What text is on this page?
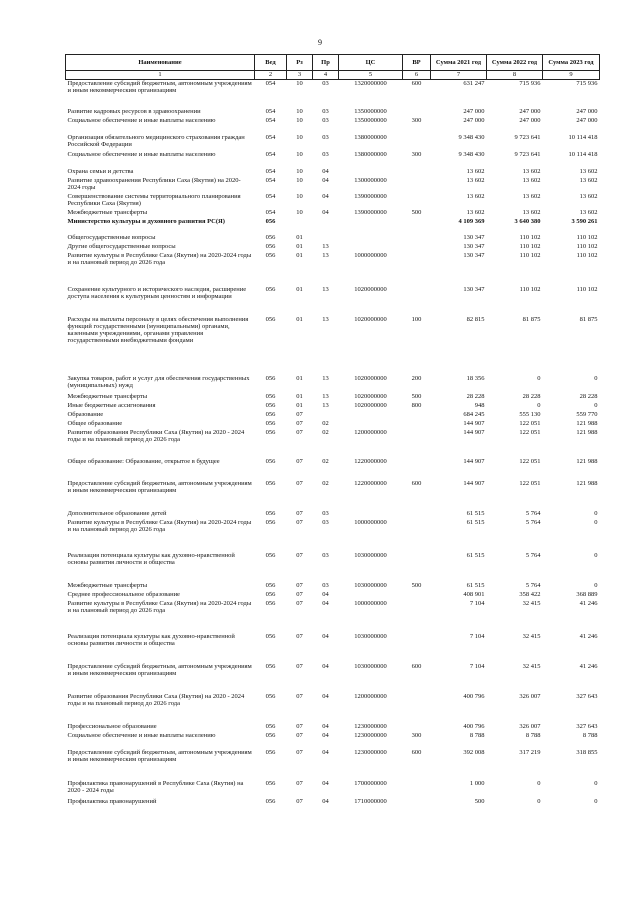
9
Наименование	Вед	Рз	Пр	ЦС	ВР	Сумма 2021 год	Сумма 2022 год	Сумма 2023 год
1	2	3	4	5	6	7	8	9
Предоставление субсидий бюджетным, автономным учреждениям и иным некоммерческим организациям	054	10	03	1320000000	600	631 247	715 936	715 936
Развитие кадровых ресурсов в здравоохранении	054	10	03	1350000000		247 000	247 000	247 000
Социальное обеспечение и иные выплаты населению	054	10	03	1350000000	300	247 000	247 000	247 000
Организация обязательного медицинского страхования граждан Российской Федерации	054	10	03	1380000000		9 348 430	9 723 641	10 114 418
Социальное обеспечение и иные выплаты населению	054	10	03	1380000000	300	9 348 430	9 723 641	10 114 418
Охрана семьи и детства	054	10	04			13 602	13 602	13 602
Развитие здравоохранения Республики Саха (Якутия) на 2020-2024 годы	054	10	04	1300000000		13 602	13 602	13 602
Совершенствование системы территориального планирования Республики Саха (Якутия)	054	10	04	1390000000		13 602	13 602	13 602
Межбюджетные трансферты	054	10	04	1390000000	500	13 602	13 602	13 602
Министерство культуры и духовного развития РС(Я)	056					4 109 369	3 640 380	3 590 261
Общегосударственные вопросы	056	01				130 347	110 102	110 102
Другие общегосударственные вопросы	056	01	13			130 347	110 102	110 102
Развитие культуры в Республике Саха (Якутия) на 2020-2024 годы и на плановый период до 2026 года	056	01	13	1000000000		130 347	110 102	110 102
Сохранение культурного и исторического наследия, расширение доступа населения к культурным ценностям и информации	056	01	13	1020000000		130 347	110 102	110 102
Расходы на выплаты персоналу в целях обеспечения выполнения функций государственными (муниципальными) органами, казенными учреждениями, органами управления государственными внебюджетными фондами	056	01	13	1020000000	100	82 815	81 875	81 875
Закупка товаров, работ и услуг для обеспечения государственных (муниципальных) нужд	056	01	13	1020000000	200	18 356	0	0
Межбюджетные трансферты	056	01	13	1020000000	500	28 228	28 228	28 228
Иные бюджетные ассигнования	056	01	13	1020000000	800	948	0	0
Образование	056	07				684 245	555 130	559 770
Общее образование	056	07	02			144 907	122 051	121 988
Развитие образования Республики Саха (Якутия) на 2020 - 2024 годы и на плановый период до 2026 года	056	07	02	1200000000		144 907	122 051	121 988
Общее образование: Образование, открытое в будущее	056	07	02	1220000000		144 907	122 051	121 988
Предоставление субсидий бюджетным, автономным учреждениям и иным некоммерческим организациям	056	07	02	1220000000	600	144 907	122 051	121 988
Дополнительное образование детей	056	07	03			61 515	5 764	0
Развитие культуры в Республике Саха (Якутия) на 2020-2024 годы и на плановый период до 2026 года	056	07	03	1000000000		61 515	5 764	0
Реализация потенциала культуры как духовно-нравственной основы развития личности и общества	056	07	03	1030000000		61 515	5 764	0
Межбюджетные трансферты	056	07	03	1030000000	500	61 515	5 764	0
Среднее профессиональное образование	056	07	04			408 901	358 422	368 889
Развитие культуры в Республике Саха (Якутия) на 2020-2024 годы и на плановый период до 2026 года	056	07	04	1000000000		7 104	32 415	41 246
Реализация потенциала культуры как духовно-нравственной основы развития личности и общества	056	07	04	1030000000		7 104	32 415	41 246
Предоставление субсидий бюджетным, автономным учреждениям и иным некоммерческим организациям	056	07	04	1030000000	600	7 104	32 415	41 246
Развитие образования Республики Саха (Якутия) на 2020 - 2024 годы и на плановый период до 2026 года	056	07	04	1200000000		400 796	326 007	327 643
Профессиональное образование	056	07	04	1230000000		400 796	326 007	327 643
Социальное обеспечение и иные выплаты населению	056	07	04	1230000000	300	8 788	8 788	8 788
Предоставление субсидий бюджетным, автономным учреждениям и иным некоммерческим организациям	056	07	04	1230000000	600	392 008	317 219	318 855
Профилактика правонарушений в Республике Саха (Якутия) на 2020 - 2024 годы	056	07	04	1700000000		1 000	0	0
Профилактика правонарушений	056	07	04	1710000000		500	0	0
